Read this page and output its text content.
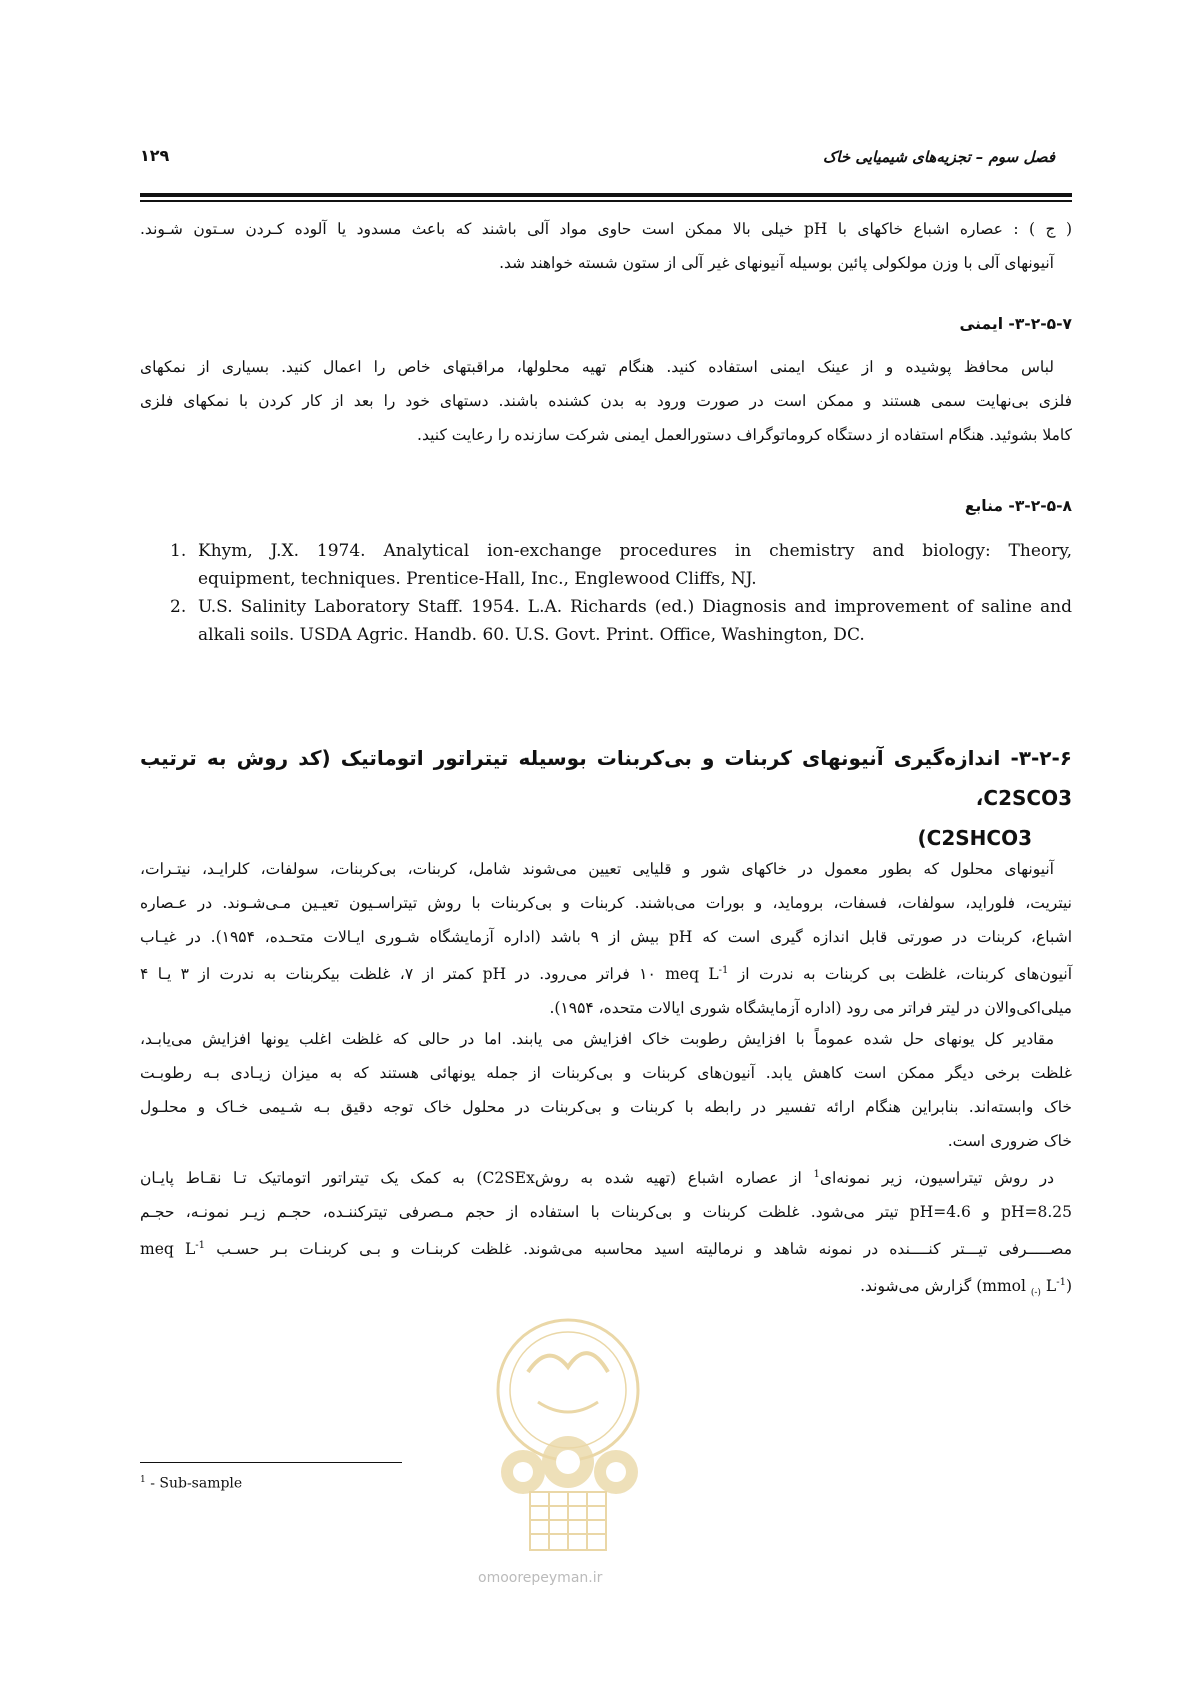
فصل سوم – تجزیه‌های شیمیایی خاک
۱۲۹

( ج ) : عصاره اشباع خاکهای با pH خیلی بالا ممکن است حاوی مواد آلی باشند که باعث مسدود یا آلوده کـردن سـتون شـوند.
آنیونهای آلی با وزن مولکولی پائین بوسیله آنیونهای غیر آلی از ستون شسته خواهند شد.

۳-۲-۵-۷- ایمنی

لباس محافظ پوشیده و از عینک ایمنی استفاده کنید. هنگام تهیه محلولها، مراقبتهای خاص را اعمال کنید. بسیاری از نمکهای
فلزی بی‌نهایت سمی هستند و ممکن است در صورت ورود به بدن کشنده باشند. دستهای خود را بعد از کار کردن با نمکهای فلزی
کاملا بشوئید. هنگام استفاده از دستگاه کروماتوگراف دستورالعمل ایمنی شرکت سازنده را رعایت کنید.

۳-۲-۵-۸- منابع

1. Khym, J.X. 1974. Analytical ion-exchange procedures in chemistry and biology: Theory,
equipment, techniques. Prentice-Hall, Inc., Englewood Cliffs, NJ.
2. U.S. Salinity Laboratory Staff. 1954. L.A. Richards (ed.) Diagnosis and improvement of saline and
alkali soils. USDA Agric. Handb. 60. U.S. Govt. Print. Office, Washington, DC.

۳-۲-۶- اندازه‌گیری آنیونهای کربنات و بی‌کربنات بوسیله تیتراتور اتوماتیک (کد روش به ترتیب C2SCO3،
C2SHCO3)

آنیونهای محلول که بطور معمول در خاکهای شور و قلیایی تعیین می‌شوند شامل، کربنات، بی‌کربنات، سولفات، کلرایـد، نیتـرات،
نیتریت، فلوراید، سولفات، فسفات، برومايد، و بورات می‌باشند. کربنات و بی‌کربنات با روش تیتراسـیون تعیـین مـی‌شـوند. در عـصاره
اشباع، کربنات در صورتی قابل اندازه گیری است که pH بیش از ۹ باشد (اداره آزمایشگاه شـوری ایـالات متحـده، ۱۹۵۴). در غیـاب
آنیون‌های کربنات، غلظت بی کربنات به ندرت از ۱۰ meq $L^{-1}$ فراتر می‌رود. در pH کمتر از ۷، غلظت بیکربنات به ندرت از ۳ یـا ۴
میلی‌اکی‌والان در لیتر فراتر می رود (اداره آزمایشگاه شوری ایالات متحده، ۱۹۵۴).

مقادیر کل یونهای حل شده عموماً با افزایش رطوبت خاک افزایش می یابند. اما در حالی که غلظت اغلب یونها افزایش می‌یابـد،
غلظت برخی دیگر ممکن است کاهش یابد. آنیون‌های کربنات و بی‌کربنات از جمله یونهائی هستند که به میزان زیـادی بـه رطوبـت
خاک وابسته‌اند. بنابراین هنگام ارائه تفسیر در رابطه با کربنات و بی‌کربنات در محلول خاک توجه دقیق بـه شـیمی خـاک و محلـول
خاک ضروری است.

در روش تیتراسیون، زیر نمونه‌ای$^1$ از عصاره اشباع (تهیه شده به روشC2SEx) به کمک یک تیتراتور اتوماتیک تـا نقـاط پایـان
pH=8.25 و pH=4.6 تیتر می‌شود. غلظت کربنات و بی‌کربنات با استفاده از حجم مـصرفی تیترکننـده، حجـم زیـر نمونـه، حجـم
مصـــــرفی تیـــتر کنــــنده در نمونه شاهد و نرمالیته اسید محاسبه می‌شوند. غلظت کربنـات و بـی کربنـات بـر حسـب meq $L^{-1}$
(mmol $_{(-)}$ $L^{-1}$) گزارش می‌شوند.

omoorepeyman.ir
$^1$ - Sub-sample
